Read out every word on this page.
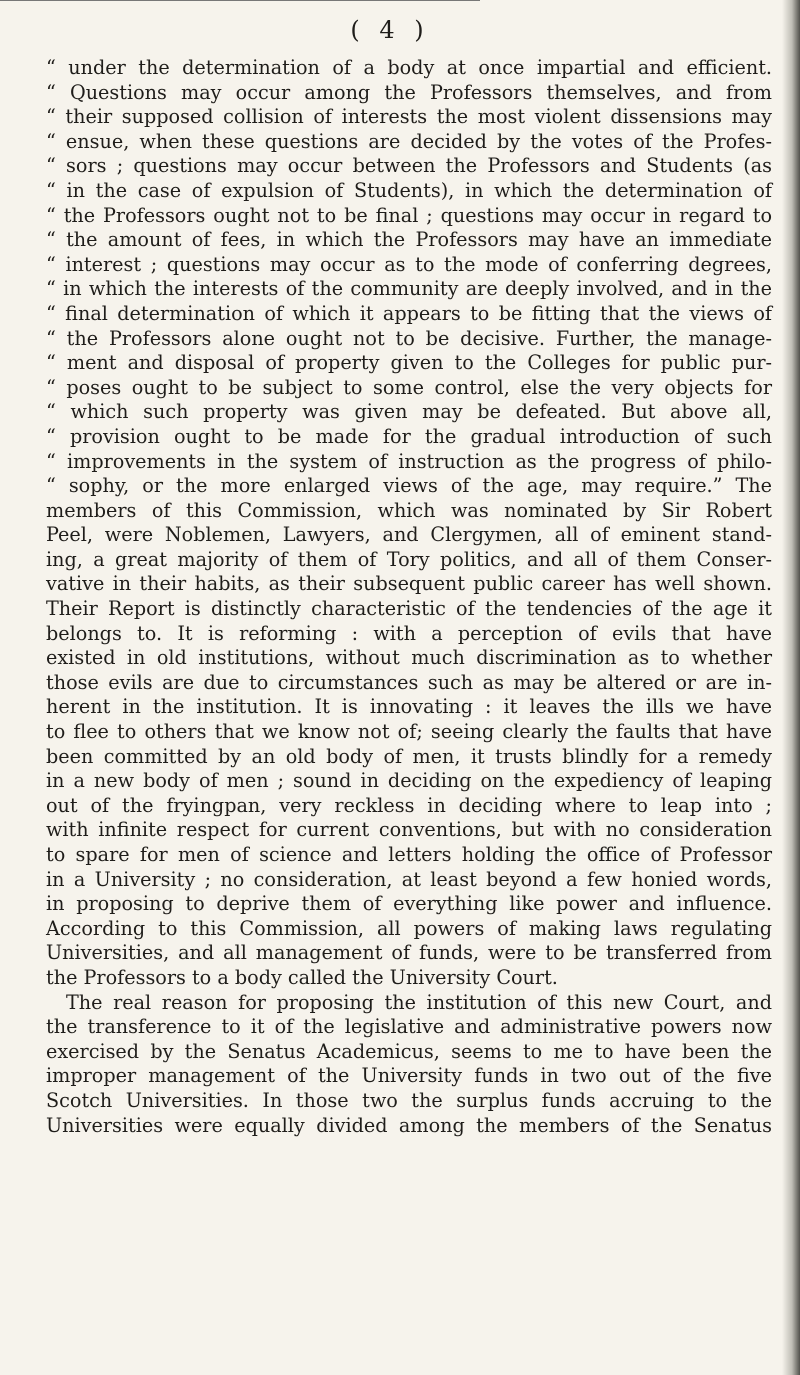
( 4 )
“ under the determination of a body at once impartial and efficient.
“ Questions may occur among the Professors themselves, and from
“ their supposed collision of interests the most violent dissensions may
“ ensue, when these questions are decided by the votes of the Profes-
“ sors ; questions may occur between the Professors and Students (as
“ in the case of expulsion of Students), in which the determination of
“ the Professors ought not to be final ; questions may occur in regard to
“ the amount of fees, in which the Professors may have an immediate
“ interest ; questions may occur as to the mode of conferring degrees,
“ in which the interests of the community are deeply involved, and in the
“ final determination of which it appears to be fitting that the views of
“ the Professors alone ought not to be decisive. Further, the manage-
“ ment and disposal of property given to the Colleges for public pur-
“ poses ought to be subject to some control, else the very objects for
“ which such property was given may be defeated. But above all,
“ provision ought to be made for the gradual introduction of such
“ improvements in the system of instruction as the progress of philo-
“ sophy, or the more enlarged views of the age, may require.” The
members of this Commission, which was nominated by Sir Robert
Peel, were Noblemen, Lawyers, and Clergymen, all of eminent stand-
ing, a great majority of them of Tory politics, and all of them Conser-
vative in their habits, as their subsequent public career has well shown.
Their Report is distinctly characteristic of the tendencies of the age it
belongs to. It is reforming : with a perception of evils that have
existed in old institutions, without much discrimination as to whether
those evils are due to circumstances such as may be altered or are in-
herent in the institution. It is innovating : it leaves the ills we have
to flee to others that we know not of; seeing clearly the faults that have
been committed by an old body of men, it trusts blindly for a remedy
in a new body of men ; sound in deciding on the expediency of leaping
out of the fryingpan, very reckless in deciding where to leap into ;
with infinite respect for current conventions, but with no consideration
to spare for men of science and letters holding the office of Professor
in a University ; no consideration, at least beyond a few honied words,
in proposing to deprive them of everything like power and influence.
According to this Commission, all powers of making laws regulating
Universities, and all management of funds, were to be transferred from
the Professors to a body called the University Court.
The real reason for proposing the institution of this new Court, and
the transference to it of the legislative and administrative powers now
exercised by the Senatus Academicus, seems to me to have been the
improper management of the University funds in two out of the five
Scotch Universities. In those two the surplus funds accruing to the
Universities were equally divided among the members of the Senatus
